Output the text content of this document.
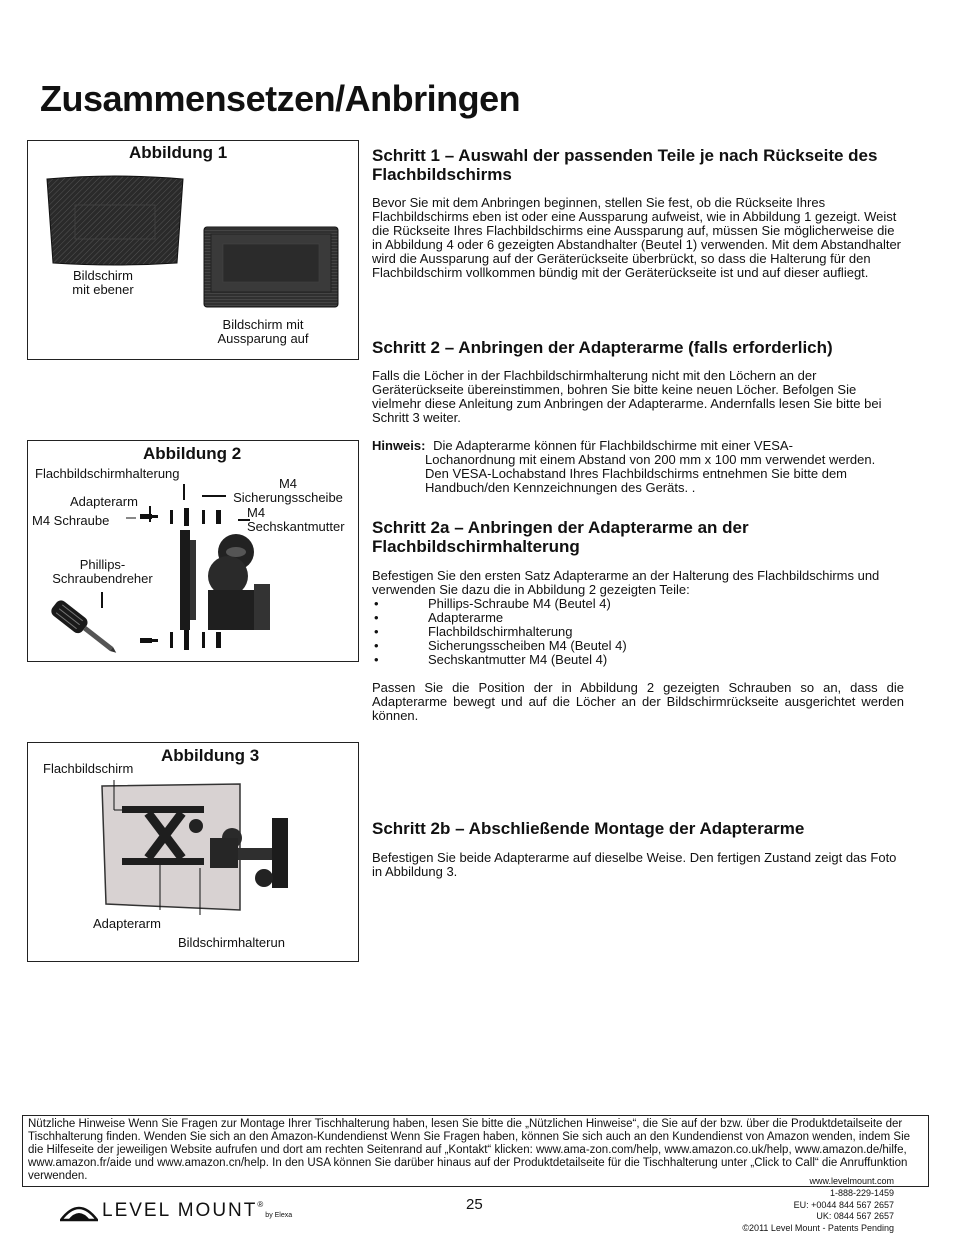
Zusammensetzen/Anbringen
Abbildung 1
Bildschirm
mit ebener
Bildschirm mit
Aussparung auf
Abbildung 2
Flachbildschirmhalterung
M4
Sicherungsscheibe
Adapterarm
M4
Sechskantmutter
M4 Schraube
Phillips-
Schraubendreher
Abbildung 3
Flachbildschirm
Adapterarm
Bildschirmhalterun
Schritt 1 – Auswahl der passenden Teile je nach Rückseite des Flachbildschirms

Bevor Sie mit dem Anbringen beginnen, stellen Sie fest, ob die Rückseite Ihres Flachbildschirms eben ist oder eine Aussparung aufweist, wie in Abbildung 1 gezeigt. Weist die Rückseite Ihres Flachbildschirms eine Aussparung auf, müssen Sie möglicherweise die in Abbildung 4 oder 6 gezeigten Abstandhalter (Beutel 1) verwenden. Mit dem Abstandhalter wird die Aussparung auf der Geräterückseite überbrückt, so dass die Halterung für den Flachbildschirm vollkommen bündig mit der Geräterückseite ist und auf dieser aufliegt.

Schritt 2 – Anbringen der Adapterarme (falls erforderlich)

Falls die Löcher in der Flachbildschirmhalterung nicht mit den Löchern an der Geräterückseite übereinstimmen, bohren Sie bitte keine neuen Löcher. Befolgen Sie vielmehr diese Anleitung zum Anbringen der Adapterarme. Andernfalls lesen Sie bitte bei Schritt 3 weiter.

Hinweis: Die Adapterarme können für Flachbildschirme mit einer VESA-
Lochanordnung mit einem Abstand von 200 mm x 100 mm verwendet werden. Den VESA-Lochabstand Ihres Flachbildschirms entnehmen Sie bitte dem Handbuch/den Kennzeichnungen des Geräts. .
Schritt 2a – Anbringen der Adapterarme an der Flachbildschirmhalterung

Befestigen Sie den ersten Satz Adapterarme an der Halterung des Flachbildschirms und verwenden Sie dazu die in Abbildung 2 gezeigten Teile:

•	Phillips-Schraube M4 (Beutel 4)
•	Adapterarme
•	Flachbildschirmhalterung
•	Sicherungsscheiben M4 (Beutel 4)
•	Sechskantmutter M4 (Beutel 4)

Passen Sie die Position der in Abbildung 2 gezeigten Schrauben so an, dass die Adapterarme bewegt und auf die Löcher an der Bildschirmrückseite ausgerichtet werden können.

Schritt 2b – Abschließende Montage der Adapterarme

Befestigen Sie beide Adapterarme auf dieselbe Weise. Den fertigen Zustand zeigt das Foto in Abbildung 3.

Nützliche Hinweise Wenn Sie Fragen zur Montage Ihrer Tischhalterung haben, lesen Sie bitte die „Nützlichen Hinweise“, die Sie auf der bzw. über die Produktdetailseite der Tischhalterung finden. Wenden Sie sich an den Amazon-Kundendienst Wenn Sie Fragen haben, können Sie sich auch an den Kundendienst von Amazon wenden, indem Sie die Hilfeseite der jeweiligen Website aufrufen und dort am rechten Seitenrand auf „Kontakt“ klicken: www.ama-zon.com/help, www.amazon.co.uk/help, www.amazon.de/hilfe, www.amazon.fr/aide und www.amazon.cn/help. In den USA können Sie darüber hinaus auf der Produktdetailseite für die Tischhalterung unter „Click to Call“ die Anruffunktion verwenden.	www.levelmount.com
25
LEVEL MOUNT ®
by Elexa
1-888-229-1459
EU: +0044 844 567 2657
UK: 0844 567 2657
©2011 Level Mount - Patents Pending
